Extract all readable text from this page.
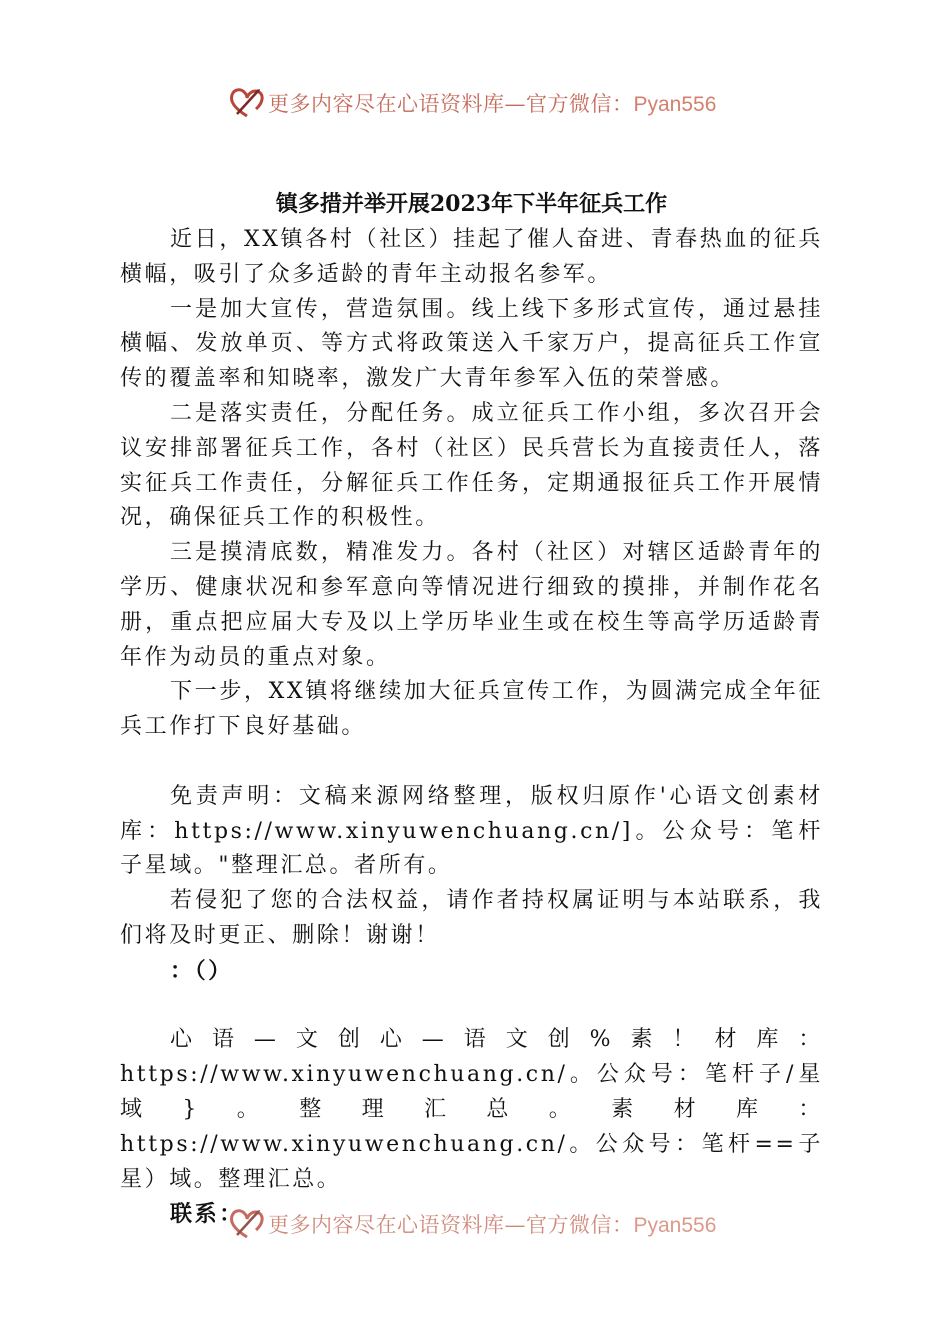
更多内容尽在心语资料库—官方微信：Pyan556
镇多措并举开展2023年下半年征兵工作

近日，XX镇各村（社区）挂起了催人奋进、青春热血的征兵横幅，吸引了众多适龄的青年主动报名参军。

一是加大宣传，营造氛围。线上线下多形式宣传，通过悬挂横幅、发放单页、等方式将政策送入千家万户，提高征兵工作宣传的覆盖率和知晓率，激发广大青年参军入伍的荣誉感。

二是落实责任，分配任务。成立征兵工作小组，多次召开会议安排部署征兵工作，各村（社区）民兵营长为直接责任人，落实征兵工作责任，分解征兵工作任务，定期通报征兵工作开展情况，确保征兵工作的积极性。

三是摸清底数，精准发力。各村（社区）对辖区适龄青年的学历、健康状况和参军意向等情况进行细致的摸排，并制作花名册，重点把应届大专及以上学历毕业生或在校生等高学历适龄青年作为动员的重点对象。

下一步，XX镇将继续加大征兵宣传工作，为圆满完成全年征兵工作打下良好基础。

免责声明：文稿来源网络整理，版权归原作'心语文创素材库：https://www.xinyuwenchuang.cn/]。公众号：笔杆子星域。"整理汇总。者所有。

若侵犯了您的合法权益，请作者持权属证明与本站联系，我们将及时更正、删除！谢谢！

：（）

心语—文创心—语文创%素！材库：https://www.xinyuwenchuang.cn/。公众号：笔杆子/星域}。整理汇总。素材库：https://www.xinyuwenchuang.cn/。公众号：笔杆==子星）域。整理汇总。

联系：	更多内容尽在心语资料库—官方微信：Pyan556
